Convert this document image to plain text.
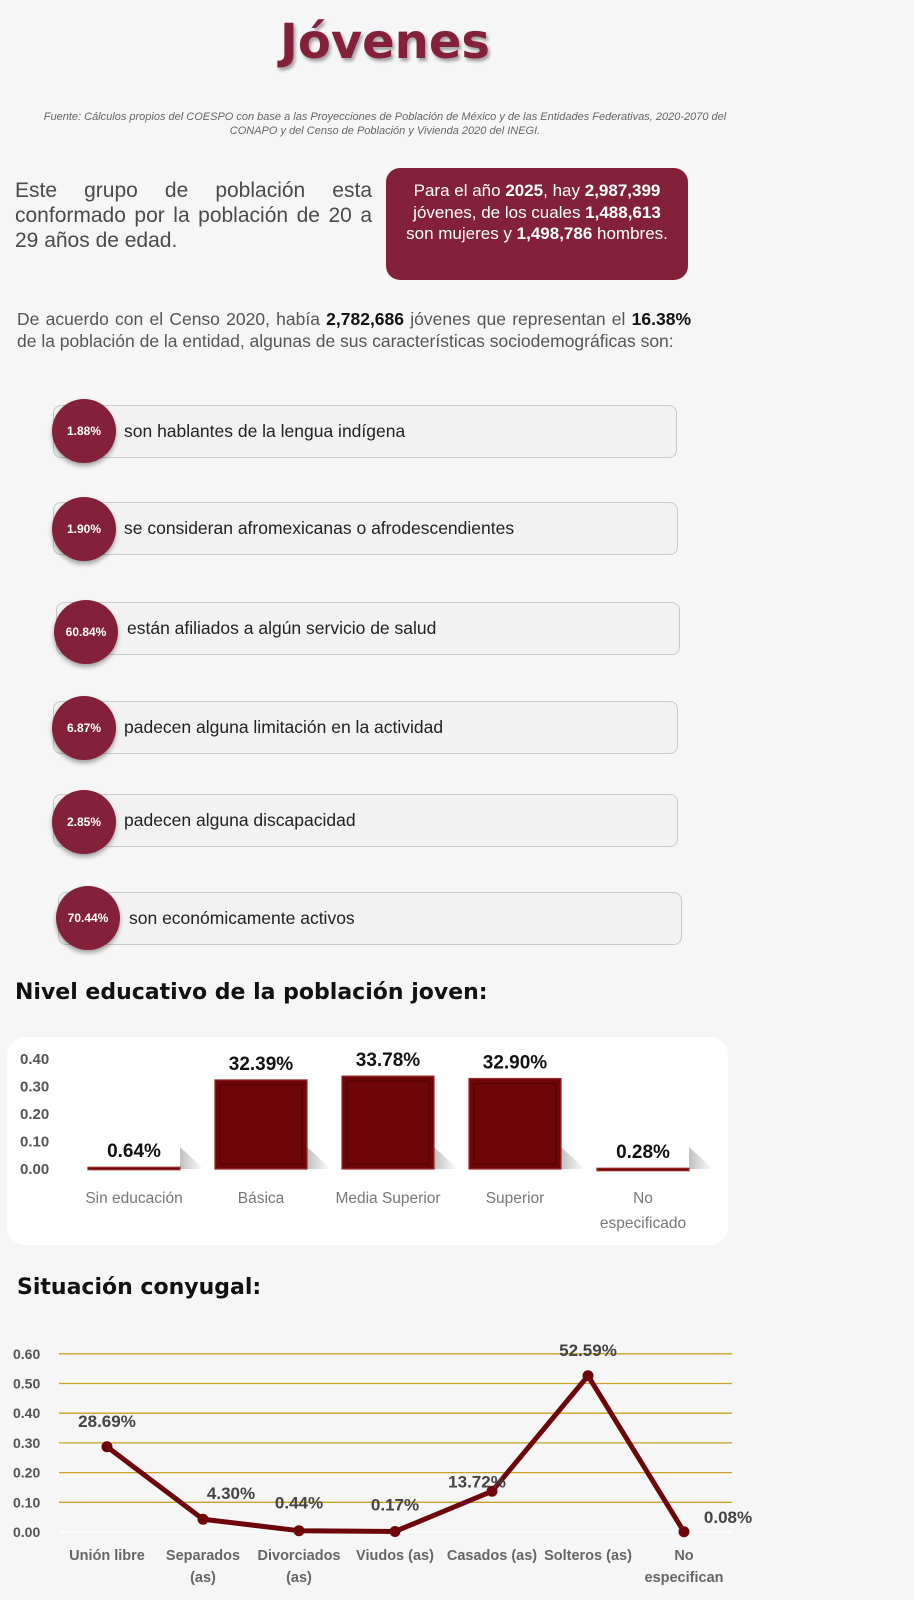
Jóvenes
Fuente: Cálculos propios del COESPO con base a las Proyecciones de Población de México y de las Entidades Federativas, 2020-2070 del CONAPO y del Censo de Población y Vivienda 2020 del INEGI.
Este grupo de población esta conformado por la población de 20 a 29 años de edad.
Para el año 2025, hay 2,987,399 jóvenes, de los cuales 1,488,613 son mujeres y 1,498,786 hombres.
De acuerdo con el Censo 2020, había 2,782,686 jóvenes que representan el 16.38% de la población de la entidad, algunas de sus características sociodemográficas son:
son hablantes de la lengua indígena
1.88%
se consideran afromexicanas o afrodescendientes
1.90%
están afiliados a algún servicio de salud
60.84%
padecen alguna limitación en la actividad
6.87%
padecen alguna discapacidad
2.85%
son económicamente activos
70.44%
Nivel educativo de la población joven:
0.00
0.10
0.20
0.30
0.40
0.64%
Sin educación
32.39%
Básica
33.78%
Media Superior
32.90%
Superior
0.28%
No
especificado
Situación conyugal:
0.00
0.10
0.20
0.30
0.40
0.50
0.60
28.69%
4.30% 0.44%	0.17%
13.72%
52.59%
0.08%
Unión libre Separados
(as)
Divorciados
(as)
Viudos (as) Casados (as) Solteros (as)	No
especifican
